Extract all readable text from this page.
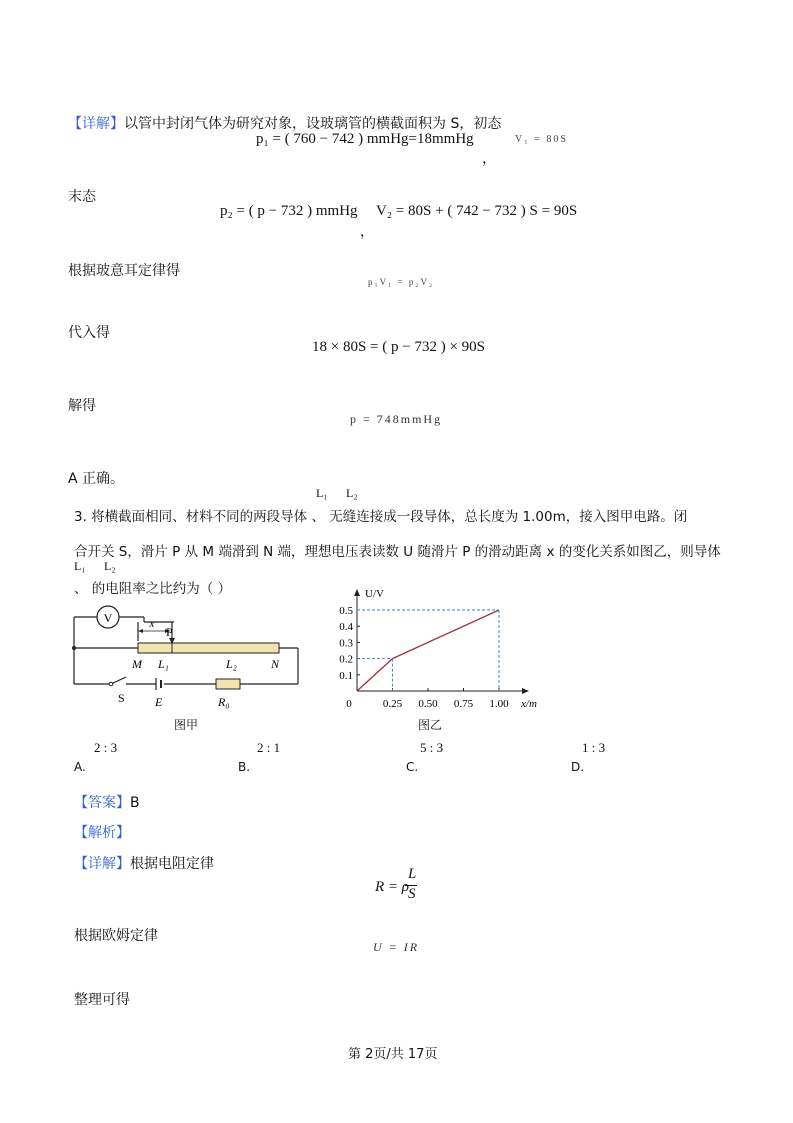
【详解】以管中封闭气体为研究对象，设玻璃管的横截面积为 S，初态
p₁ = ( 760 − 742 ) mmHg=18mmHg	V₁ = 80S
，
末态
p₂ = ( p − 732 ) mmHg V₂ = 80S + ( 742 − 732 ) S = 90S
，
根据玻意耳定律得
p₁V₁ = p₂V₂
代入得
18 × 80S = ( p − 732 ) × 90S
解得
p = 748mmHg
A 正确。
L₁ L₂
3. 将横截面相同、材料不同的两段导体 、 无缝连接成一段导体，总长度为 1.00m，接入图甲电路。闭
合开关 S，滑片 P 从 M 端滑到 N 端，理想电压表读数 U 随滑片 P 的滑动距离 x 的变化关系如图乙，则导体
L₁ L₂
、 的电阻率之比约为（ ）
V	x
P
M L₁	L₂	N
S	E	R₀
图甲
U/V
x/m
0	0.25 0.50 0.75 1.00
0.1
0.2
0.3
0.4
0.5
图乙
2 : 3
A.
2 : 1
B.
5 : 3
C.
1 : 3
D.
【答案】B
【解析】
【详解】根据电阻定律
R = ρ
L
S
根据欧姆定律
U = IR
整理可得
第 2页/共 17页
